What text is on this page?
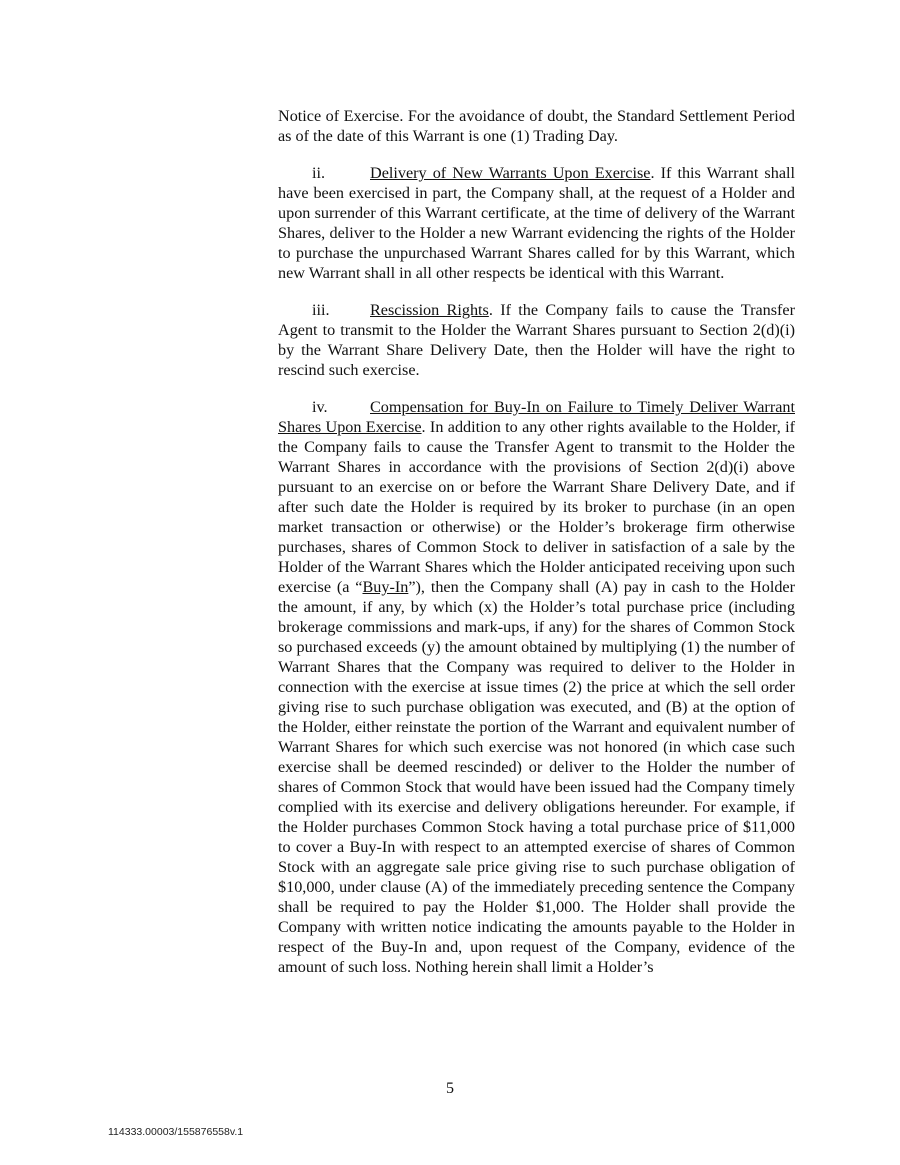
Notice of Exercise. For the avoidance of doubt, the Standard Settlement Period as of the date of this Warrant is one (1) Trading Day.

ii.	Delivery of New Warrants Upon Exercise. If this Warrant shall have been exercised in part, the Company shall, at the request of a Holder and upon surrender of this Warrant certificate, at the time of delivery of the Warrant Shares, deliver to the Holder a new Warrant evidencing the rights of the Holder to purchase the unpurchased Warrant Shares called for by this Warrant, which new Warrant shall in all other respects be identical with this Warrant.

iii. Rescission Rights. If the Company fails to cause the Transfer Agent to transmit to the Holder the Warrant Shares pursuant to Section 2(d)(i) by the Warrant Share Delivery Date, then the Holder will have the right to rescind such exercise.

iv.	Compensation for Buy-In on Failure to Timely Deliver Warrant Shares Upon Exercise. In addition to any other rights available to the Holder, if the Company fails to cause the Transfer Agent to transmit to the Holder the Warrant Shares in accordance with the provisions of Section 2(d)(i) above pursuant to an exercise on or before the Warrant Share Delivery Date, and if after such date the Holder is required by its broker to purchase (in an open market transaction or otherwise) or the Holder’s brokerage firm otherwise purchases, shares of Common Stock to deliver in satisfaction of a sale by the Holder of the Warrant Shares which the Holder anticipated receiving upon such exercise (a “Buy-In”), then the Company shall (A) pay in cash to the Holder the amount, if any, by which (x) the Holder’s total purchase price (including brokerage commissions and mark-ups, if any) for the shares of Common Stock so purchased exceeds (y) the amount obtained by multiplying (1) the number of Warrant Shares that the Company was required to deliver to the Holder in connection with the exercise at issue times (2) the price at which the sell order giving rise to such purchase obligation was executed, and (B) at the option of the Holder, either reinstate the portion of the Warrant and equivalent number of Warrant Shares for which such exercise was not honored (in which case such exercise shall be deemed rescinded) or deliver to the Holder the number of shares of Common Stock that would have been issued had the Company timely complied with its exercise and delivery obligations hereunder. For example, if the Holder purchases Common Stock having a total purchase price of $11,000 to cover a Buy-In with respect to an attempted exercise of shares of Common Stock with an aggregate sale price giving rise to such purchase obligation of $10,000, under clause (A) of the immediately preceding sentence the Company shall be required to pay the Holder $1,000. The Holder shall provide the Company with written notice indicating the amounts payable to the Holder in respect of the Buy-In and, upon request of the Company, evidence of the amount of such loss. Nothing herein shall limit a Holder’s

5
114333.00003/155876558v.1
